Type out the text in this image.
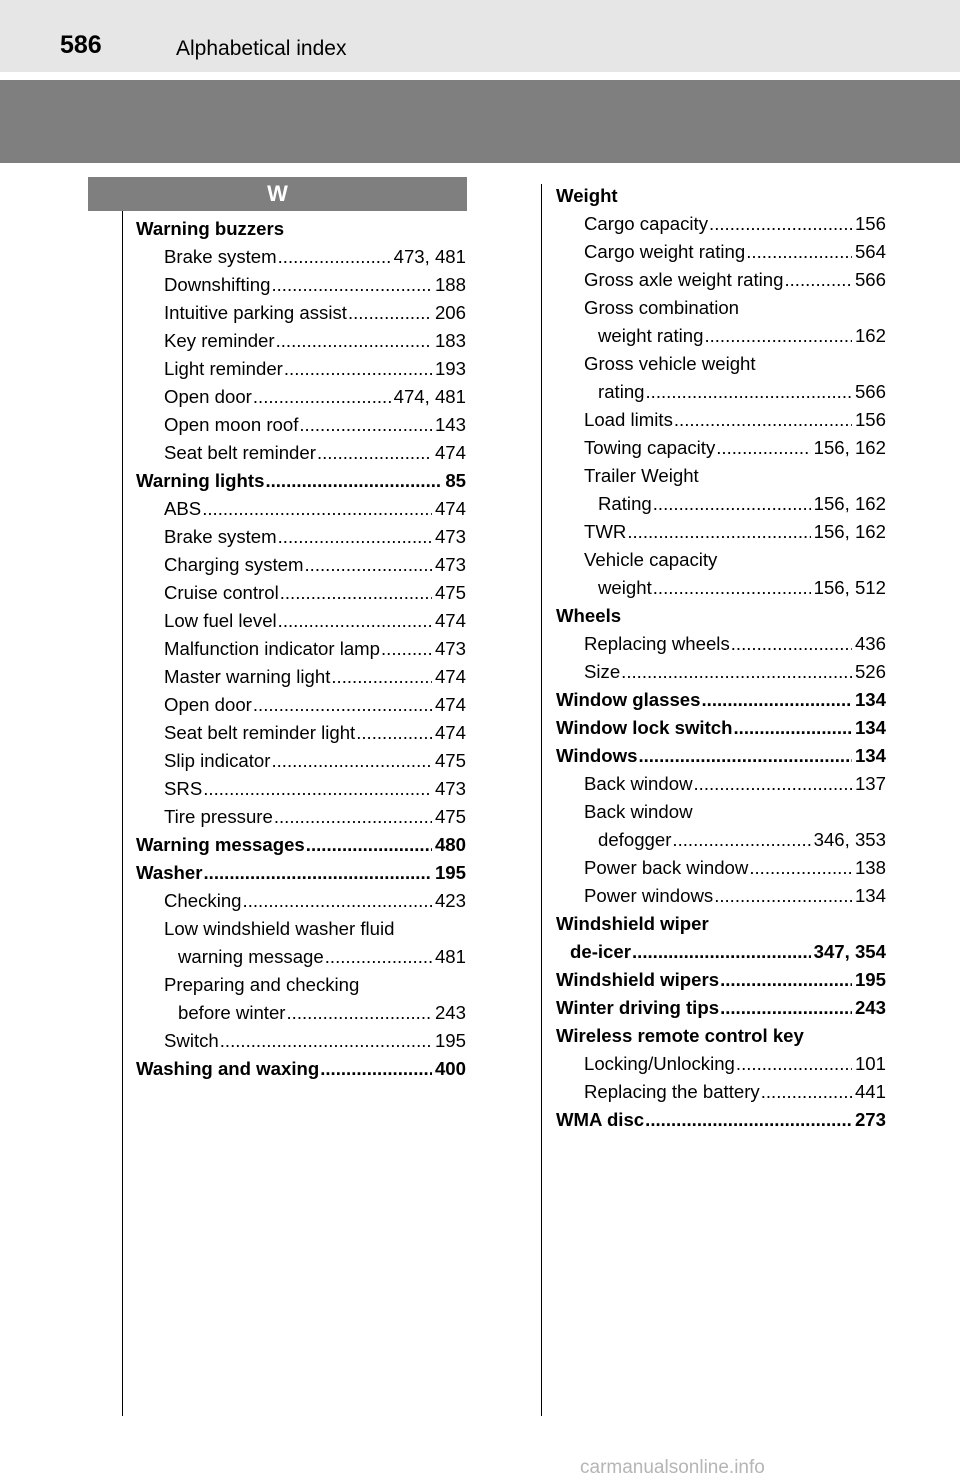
586	Alphabetical index
W
Warning buzzers
Brake system .....	473, 481
Downshifting .....	188
Intuitive parking assist .....	206
Key reminder .....	183
Light reminder .....	193
Open door .....	474, 481
Open moon roof .....	143
Seat belt reminder .....	474
Warning lights .....	85
ABS .....	474
Brake system .....	473
Charging system .....	473
Cruise control .....	475
Low fuel level .....	474
Malfunction indicator lamp .....	473
Master warning light .....	474
Open door .....	474
Seat belt reminder light .....	474
Slip indicator .....	475
SRS .....	473
Tire pressure .....	475
Warning messages .....	480
Washer .....	195
Checking .....	423
Low windshield washer fluid
warning message .....	481
Preparing and checking
before winter .....	243
Switch .....	195
Washing and waxing .....	400
Weight
Cargo capacity .....	156
Cargo weight rating .....	564
Gross axle weight rating .....	566
Gross combination
weight rating .....	162
Gross vehicle weight
rating .....	566
Load limits .....	156
Towing capacity .....	156, 162
Trailer Weight
Rating .....	156, 162
TWR .....	156, 162
Vehicle capacity
weight .....	156, 512
Wheels
Replacing wheels .....	436
Size .....	526
Window glasses .....	134
Window lock switch .....	134
Windows .....	134
Back window .....	137
Back window
defogger .....	346, 353
Power back window .....	138
Power windows .....	134
Windshield wiper
de-icer .....	347, 354
Windshield wipers .....	195
Winter driving tips .....	243
Wireless remote control key
Locking/Unlocking .....	101
Replacing the battery .....	441
WMA disc .....	273
carmanualsonline.info
